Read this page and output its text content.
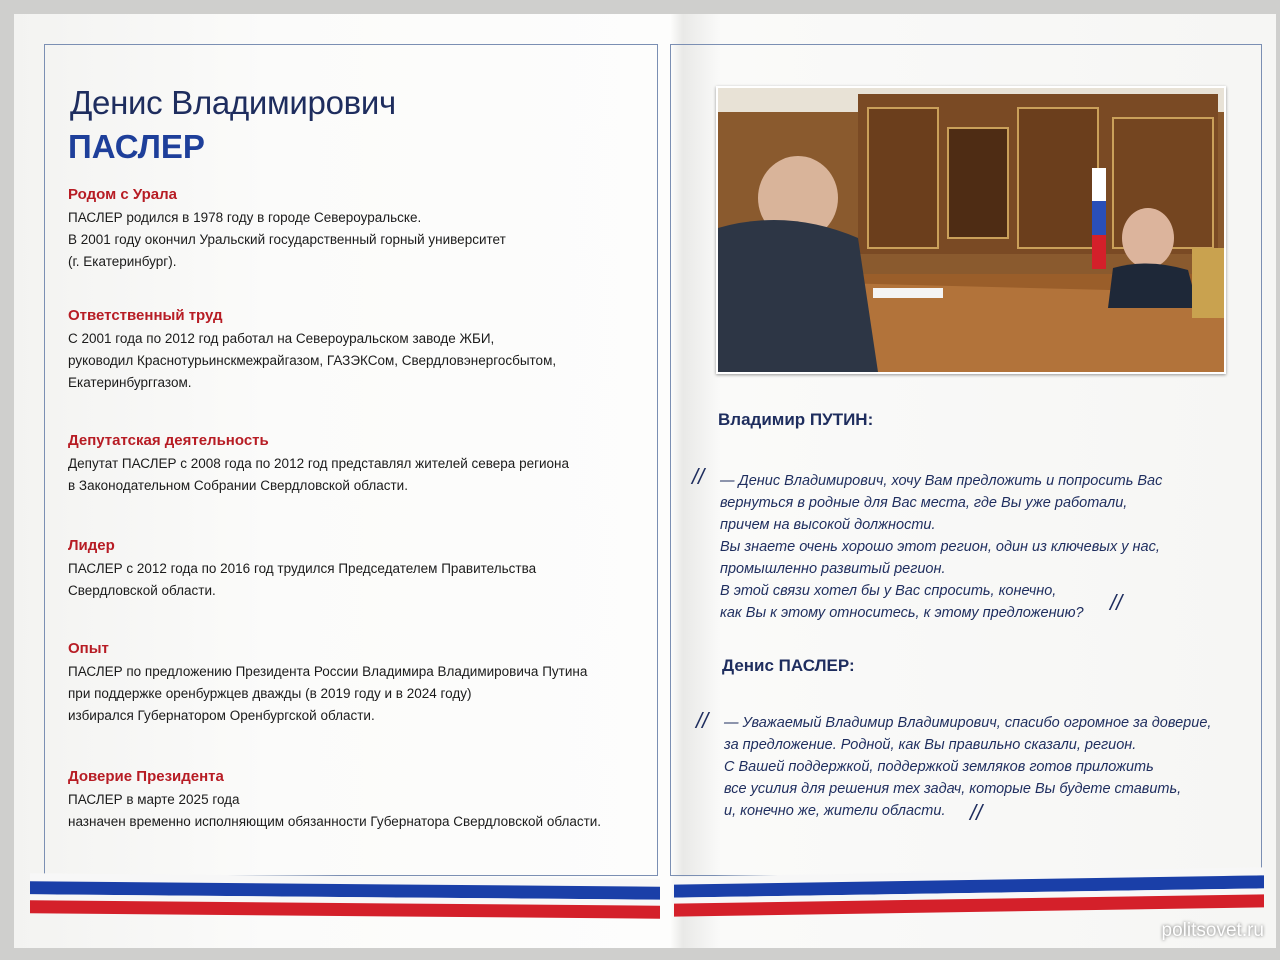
Денис Владимирович
ПАСЛЕР
Родом с Урала

ПАСЛЕР родился в 1978 году в городе Североуральске.

В 2001 году окончил Уральский государственный горный университет

(г. Екатеринбург).

Ответственный труд

С 2001 года по 2012 год работал на Североуральском заводе ЖБИ,

руководил Краснотурьинскмежрайгазом, ГАЗЭКСом, Свердловэнергосбытом,

Екатеринбурггазом.

Депутатская деятельность

Депутат ПАСЛЕР с 2008 года по 2012 год представлял жителей севера региона

в Законодательном Собрании Свердловской области.

Лидер

ПАСЛЕР с 2012 года по 2016 год трудился Председателем Правительства

Свердловской области.

Опыт

ПАСЛЕР по предложению Президента России Владимира Владимировича Путина

при поддержке оренбуржцев дважды (в 2019 году и в 2024 году)

избирался Губернатором Оренбургской области.

Доверие Президента

ПАСЛЕР в марте 2025 года

назначен временно исполняющим обязанности Губернатора Свердловской области.

Владимир ПУТИН:
// — Денис Владимирович, хочу Вам предложить и попросить Вас
вернуться в родные для Вас места, где Вы уже работали,
причем на высокой должности.
Вы знаете очень хорошо этот регион, один из ключевых у нас,
промышленно развитый регион.
В этой связи хотел бы у Вас спросить, конечно,
как Вы к этому относитесь, к этому предложению?	//
Денис ПАСЛЕР:
// — Уважаемый Владимир Владимирович, спасибо огромное за доверие,
за предложение. Родной, как Вы правильно сказали, регион.
С Вашей поддержкой, поддержкой земляков готов приложить
все усилия для решения тех задач, которые Вы будете ставить,
и, конечно же, жители области.	//
politsovet.ru
